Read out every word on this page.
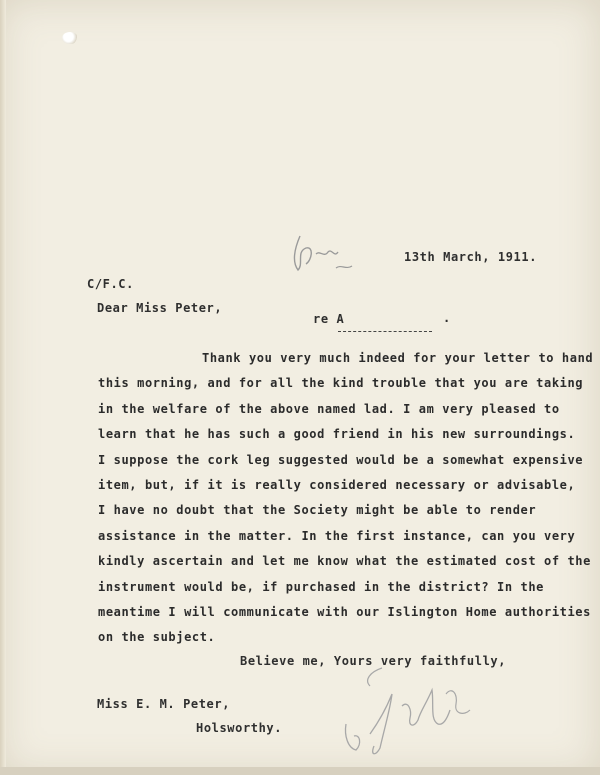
13th March, 1911.
C/F.C.
Dear Miss Peter,
re A	.
Thank you very much indeed for your letter to hand
this morning, and for all the kind trouble that you are taking
in the welfare of the above named lad. I am very pleased to
learn that he has such a good friend in his new surroundings.
I suppose the cork leg suggested would be a somewhat expensive
item, but, if it is really considered necessary or advisable,
I have no doubt that the Society might be able to render
assistance in the matter. In the first instance, can you very
kindly ascertain and let me know what the estimated cost of the
instrument would be, if purchased in the district? In the
meantime I will communicate with our Islington Home authorities
on the subject.
Believe me, Yours very faithfully,
Miss E. M. Peter,
Holsworthy.
